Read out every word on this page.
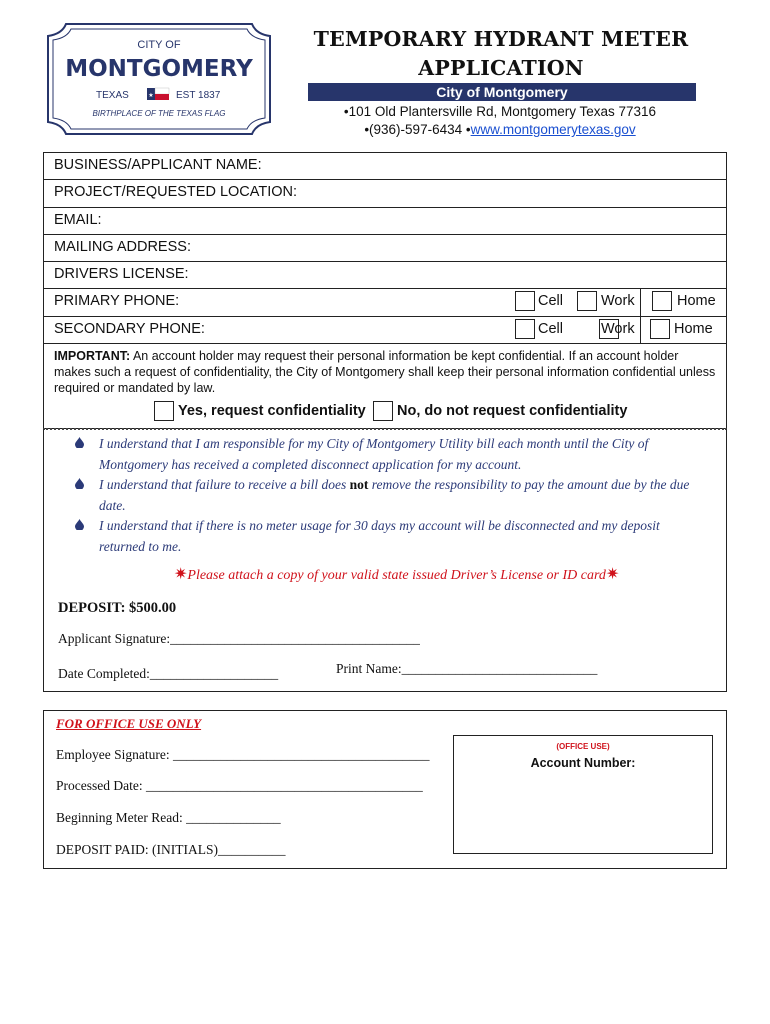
CITY OF
MONTGOMERY
TEXAS	EST 1837
★
BIRTHPLACE OF THE TEXAS FLAG
TEMPORARY HYDRANT METER
APPLICATION
City of Montgomery
•101 Old Plantersville Rd, Montgomery Texas 77316
•(936)-597-6434 •www.montgomerytexas.gov
BUSINESS/APPLICANT NAME:
PROJECT/REQUESTED LOCATION:
EMAIL:
MAILING ADDRESS:
DRIVERS LICENSE:
PRIMARY PHONE:	Cell	Work	Home
SECONDARY PHONE:	Cell	Work	Home
IMPORTANT: An account holder may request their personal information be kept confidential. If an account holder makes such a request of confidentiality, the City of Montgomery shall keep their personal information confidential unless required or mandated by law.
Yes, request confidentiality No, do not request confidentiality
I understand that I am responsible for my City of Montgomery Utility bill each month until the City of Montgomery has received a completed disconnect application for my account.
I understand that failure to receive a bill does not remove the responsibility to pay the amount due by the due date.
I understand that if there is no meter usage for 30 days my account will be disconnected and my deposit returned to me.
✷Please attach a copy of your valid state issued Driver’s License or ID card✷
DEPOSIT: $500.00
Applicant Signature:_____________________________________
Date Completed:___________________	Print Name:_____________________________
FOR OFFICE USE ONLY
Employee Signature: ______________________________________
Processed Date: _________________________________________
Beginning Meter Read: ______________
DEPOSIT PAID: (INITIALS)__________
(OFFICE USE)
Account Number:
